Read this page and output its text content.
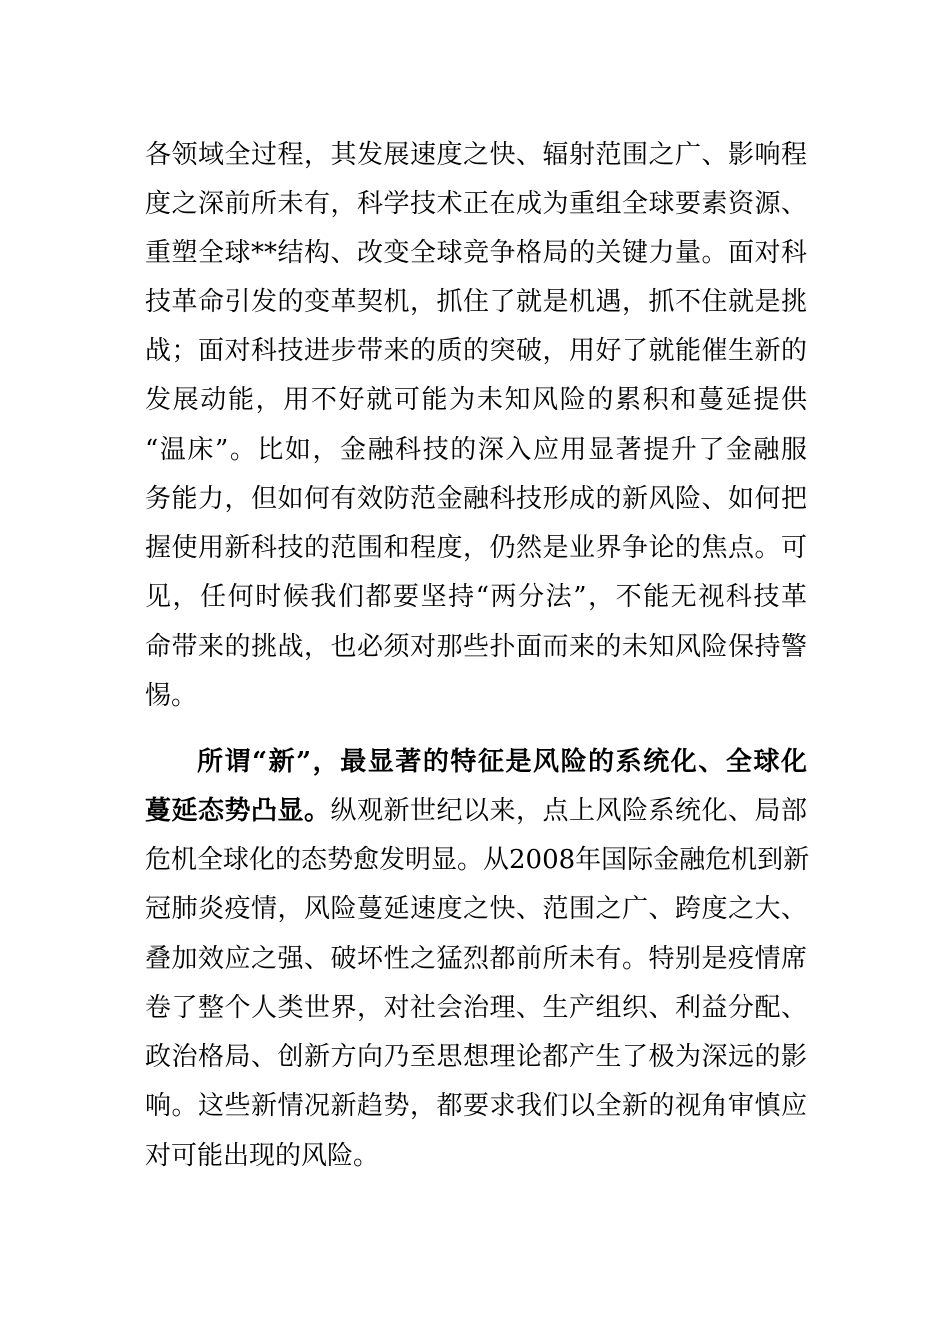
各领域全过程，其发展速度之快、辐射范围之广、影响程
度之深前所未有，科学技术正在成为重组全球要素资源、
重塑全球**结构、改变全球竞争格局的关键力量。面对科
技革命引发的变革契机，抓住了就是机遇，抓不住就是挑
战；面对科技进步带来的质的突破，用好了就能催生新的
发展动能，用不好就可能为未知风险的累积和蔓延提供
“温床”。比如，金融科技的深入应用显著提升了金融服
务能力，但如何有效防范金融科技形成的新风险、如何把
握使用新科技的范围和程度，仍然是业界争论的焦点。可
见，任何时候我们都要坚持“两分法”，不能无视科技革
命带来的挑战，也必须对那些扑面而来的未知风险保持警
惕。
所谓“新”，最显著的特征是风险的系统化、全球化
蔓延态势凸显。纵观新世纪以来，点上风险系统化、局部
危机全球化的态势愈发明显。从2008年国际金融危机到新
冠肺炎疫情，风险蔓延速度之快、范围之广、跨度之大、
叠加效应之强、破坏性之猛烈都前所未有。特别是疫情席
卷了整个人类世界，对社会治理、生产组织、利益分配、
政治格局、创新方向乃至思想理论都产生了极为深远的影
响。这些新情况新趋势，都要求我们以全新的视角审慎应
对可能出现的风险。
